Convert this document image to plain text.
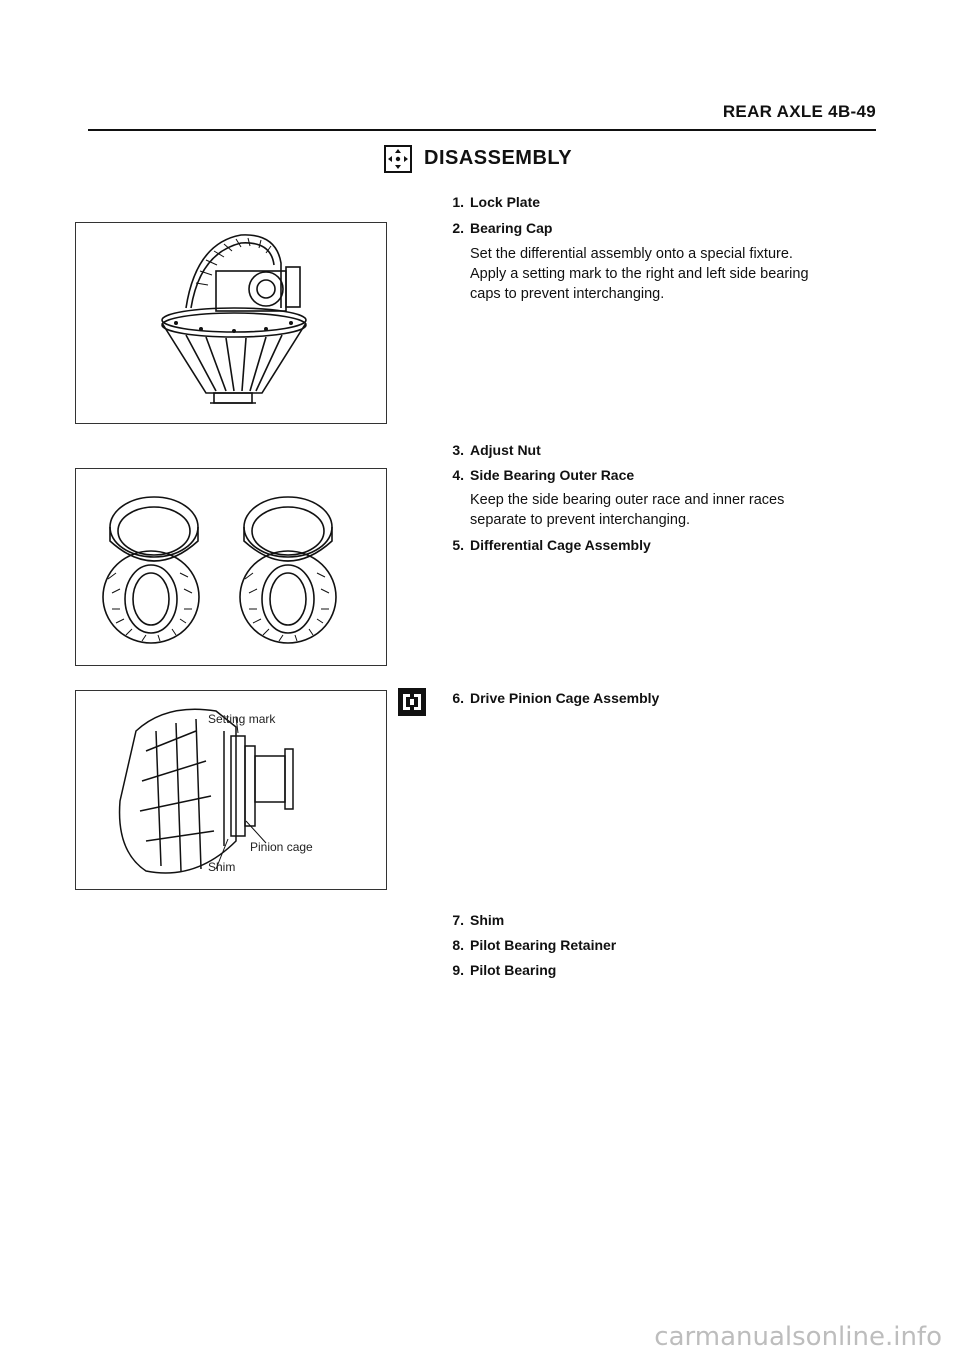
REAR AXLE 4B-49
DISASSEMBLY
1. Lock Plate
2. Bearing Cap
Set the differential assembly onto a special fixture.
Apply a setting mark to the right and left side bearing
caps to prevent interchanging.
3. Adjust Nut
4. Side Bearing Outer Race
Keep the side bearing outer race and inner races
separate to prevent interchanging.
5. Differential Cage Assembly
6. Drive Pinion Cage Assembly
7. Shim
8. Pilot Bearing Retainer
9. Pilot Bearing
Setting mark
Pinion cage
Shim
carmanualsonline.info
